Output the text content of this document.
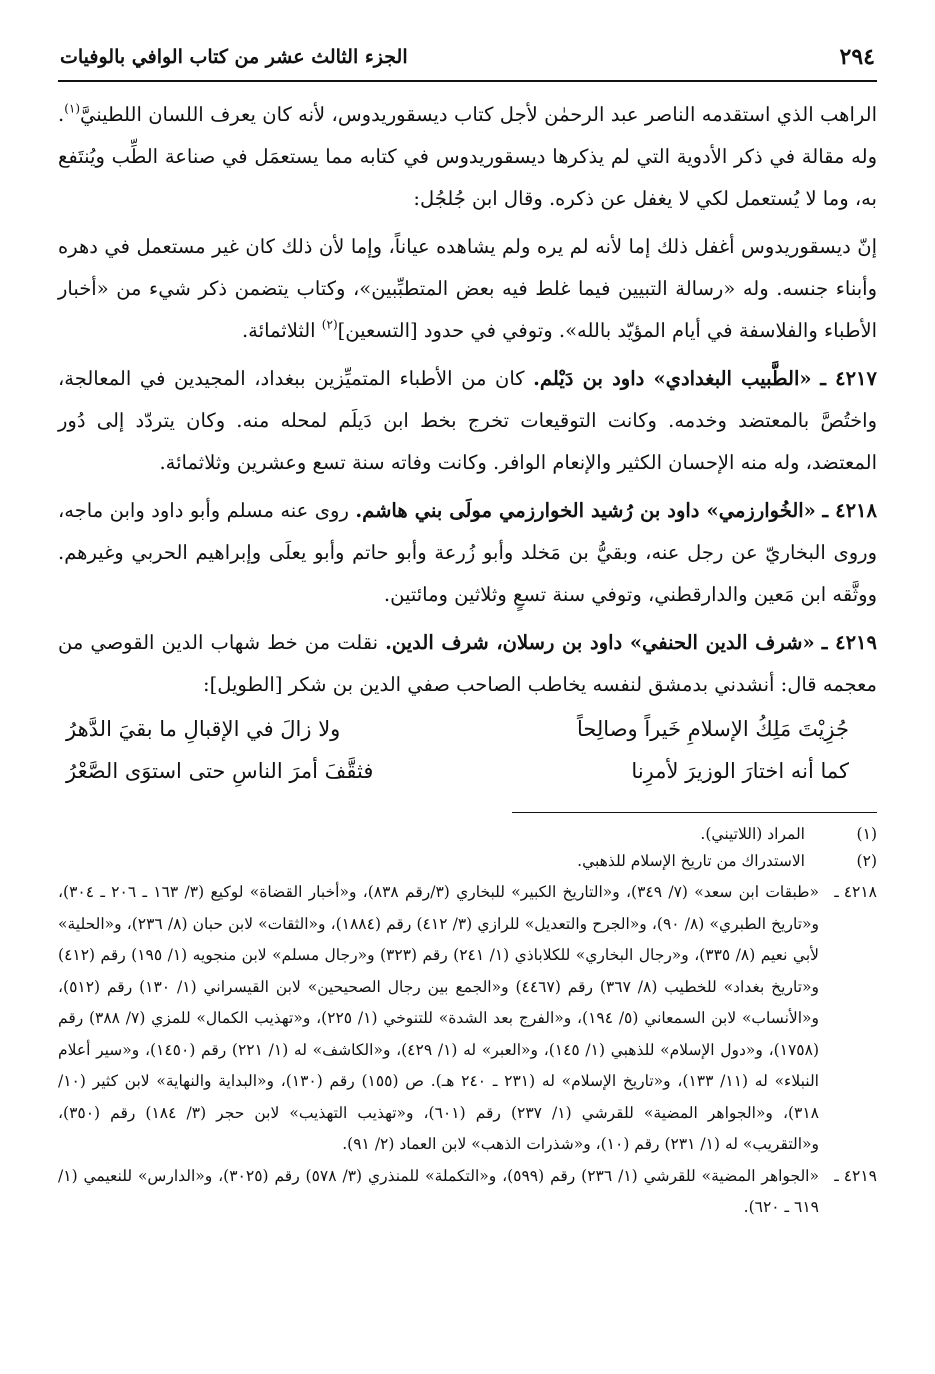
٢٩٤
الجزء الثالث عشر من كتاب الوافي بالوفيات

الراهب الذي استقدمه الناصر عبد الرحمٰن لأجل كتاب ديسقوريدوس، لأنه كان يعرف اللسان اللطينيَّ$^{(١)}$. وله مقالة في ذكر الأدوية التي لم يذكرها ديسقوريدوس في كتابه مما يستعمَل في صناعة الطِّب ويُنتَفع به، وما لا يُستعمل لكي لا يغفل عن ذكره. وقال ابن جُلجُل:

إنّ ديسقوريدوس أغفل ذلك إما لأنه لم يره ولم يشاهده عياناً، وإما لأن ذلك كان غير مستعمل في دهره وأبناء جنسه. وله «رسالة التبيين فيما غلط فيه بعض المتطبِّبين»، وكتاب يتضمن ذكر شيء من «أخبار الأطباء والفلاسفة في أيام المؤيّد بالله». وتوفي في حدود [التسعين]$^{(٢)}$ الثلاثمائة.

٤٢١٧ ـ «الطَّبيب البغدادي» داود بن دَيْلم. كان من الأطباء المتميِّزين ببغداد، المجيدين في المعالجة، واختُصَّ بالمعتضد وخدمه. وكانت التوقيعات تخرج بخط ابن دَيلَم لمحله منه. وكان يتردّد إلى دُور المعتضد، وله منه الإحسان الكثير والإنعام الوافر. وكانت وفاته سنة تسع وعشرين وثلاثمائة.

٤٢١٨ ـ «الخُوارزمي» داود بن رُشيد الخوارزمي مولَى بني هاشم. روى عنه مسلم وأبو داود وابن ماجه، وروى البخاريّ عن رجل عنه، وبقيُّ بن مَخلد وأبو زُرعة وأبو حاتم وأبو يعلَى وإبراهيم الحربي وغيرهم. ووثَّقه ابن مَعين والدارقطني، وتوفي سنة تسعٍ وثلاثين ومائتين.

٤٢١٩ ـ «شرف الدين الحنفي» داود بن رسلان، شرف الدين. نقلت من خط شهاب الدين القوصي من معجمه قال: أنشدني بدمشق لنفسه يخاطب الصاحب صفي الدين بن شكر [الطويل]:

جُزِيْتَ مَلِكُ الإسلامِ خَيراً وصالِحاً
ولا زالَ في الإقبالِ ما بقيَ الدَّهرُ
كما أنه اختارَ الوزيرَ لأمرِنا
فثقَّفَ أمرَ الناسِ حتى استوَى الصَّعْرُ
(١)
المراد (اللاتيني).
(٢)
الاستدراك من تاريخ الإسلام للذهبي.
٤٢١٨ ـ
«طبقات ابن سعد» (٧/ ٣٤٩)، و«التاريخ الكبير» للبخاري (٣/رقم ٨٣٨)، و«أخبار القضاة» لوكيع (٣/ ١٦٣ ـ ٢٠٦ ـ ٣٠٤)، و«تاريخ الطبري» (٨/ ٩٠)، و«الجرح والتعديل» للرازي (٣/ ٤١٢) رقم (١٨٨٤)، و«الثقات» لابن حبان (٨/ ٢٣٦)، و«الحلية» لأبي نعيم (٨/ ٣٣٥)، و«رجال البخاري» للكلاباذي (١/ ٢٤١) رقم (٣٢٣) و«رجال مسلم» لابن منجويه (١/ ١٩٥) رقم (٤١٢) و«تاريخ بغداد» للخطيب (٨/ ٣٦٧) رقم (٤٤٦٧) و«الجمع بين رجال الصحيحين» لابن القيسراني (١/ ١٣٠) رقم (٥١٢)، و«الأنساب» لابن السمعاني (٥/ ١٩٤)، و«الفرج بعد الشدة» للتنوخي (١/ ٢٢٥)، و«تهذيب الكمال» للمزي (٧/ ٣٨٨) رقم (١٧٥٨)، و«دول الإسلام» للذهبي (١/ ١٤٥)، و«العبر» له (١/ ٤٢٩)، و«الكاشف» له (١/ ٢٢١) رقم (١٤٥٠)، و«سير أعلام النبلاء» له (١١/ ١٣٣)، و«تاريخ الإسلام» له (٢٣١ ـ ٢٤٠ هـ). ص (١٥٥) رقم (١٣٠)، و«البداية والنهاية» لابن كثير (١٠/ ٣١٨)، و«الجواهر المضية» للقرشي (١/ ٢٣٧) رقم (٦٠١)، و«تهذيب التهذيب» لابن حجر (٣/ ١٨٤) رقم (٣٥٠)، و«التقريب» له (١/ ٢٣١) رقم (١٠)، و«شذرات الذهب» لابن العماد (٢/ ٩١).
٤٢١٩ ـ
«الجواهر المضية» للقرشي (١/ ٢٣٦) رقم (٥٩٩)، و«التكملة» للمنذري (٣/ ٥٧٨) رقم (٣٠٢٥)، و«الدارس» للنعيمي (١/ ٦١٩ ـ ٦٢٠).
